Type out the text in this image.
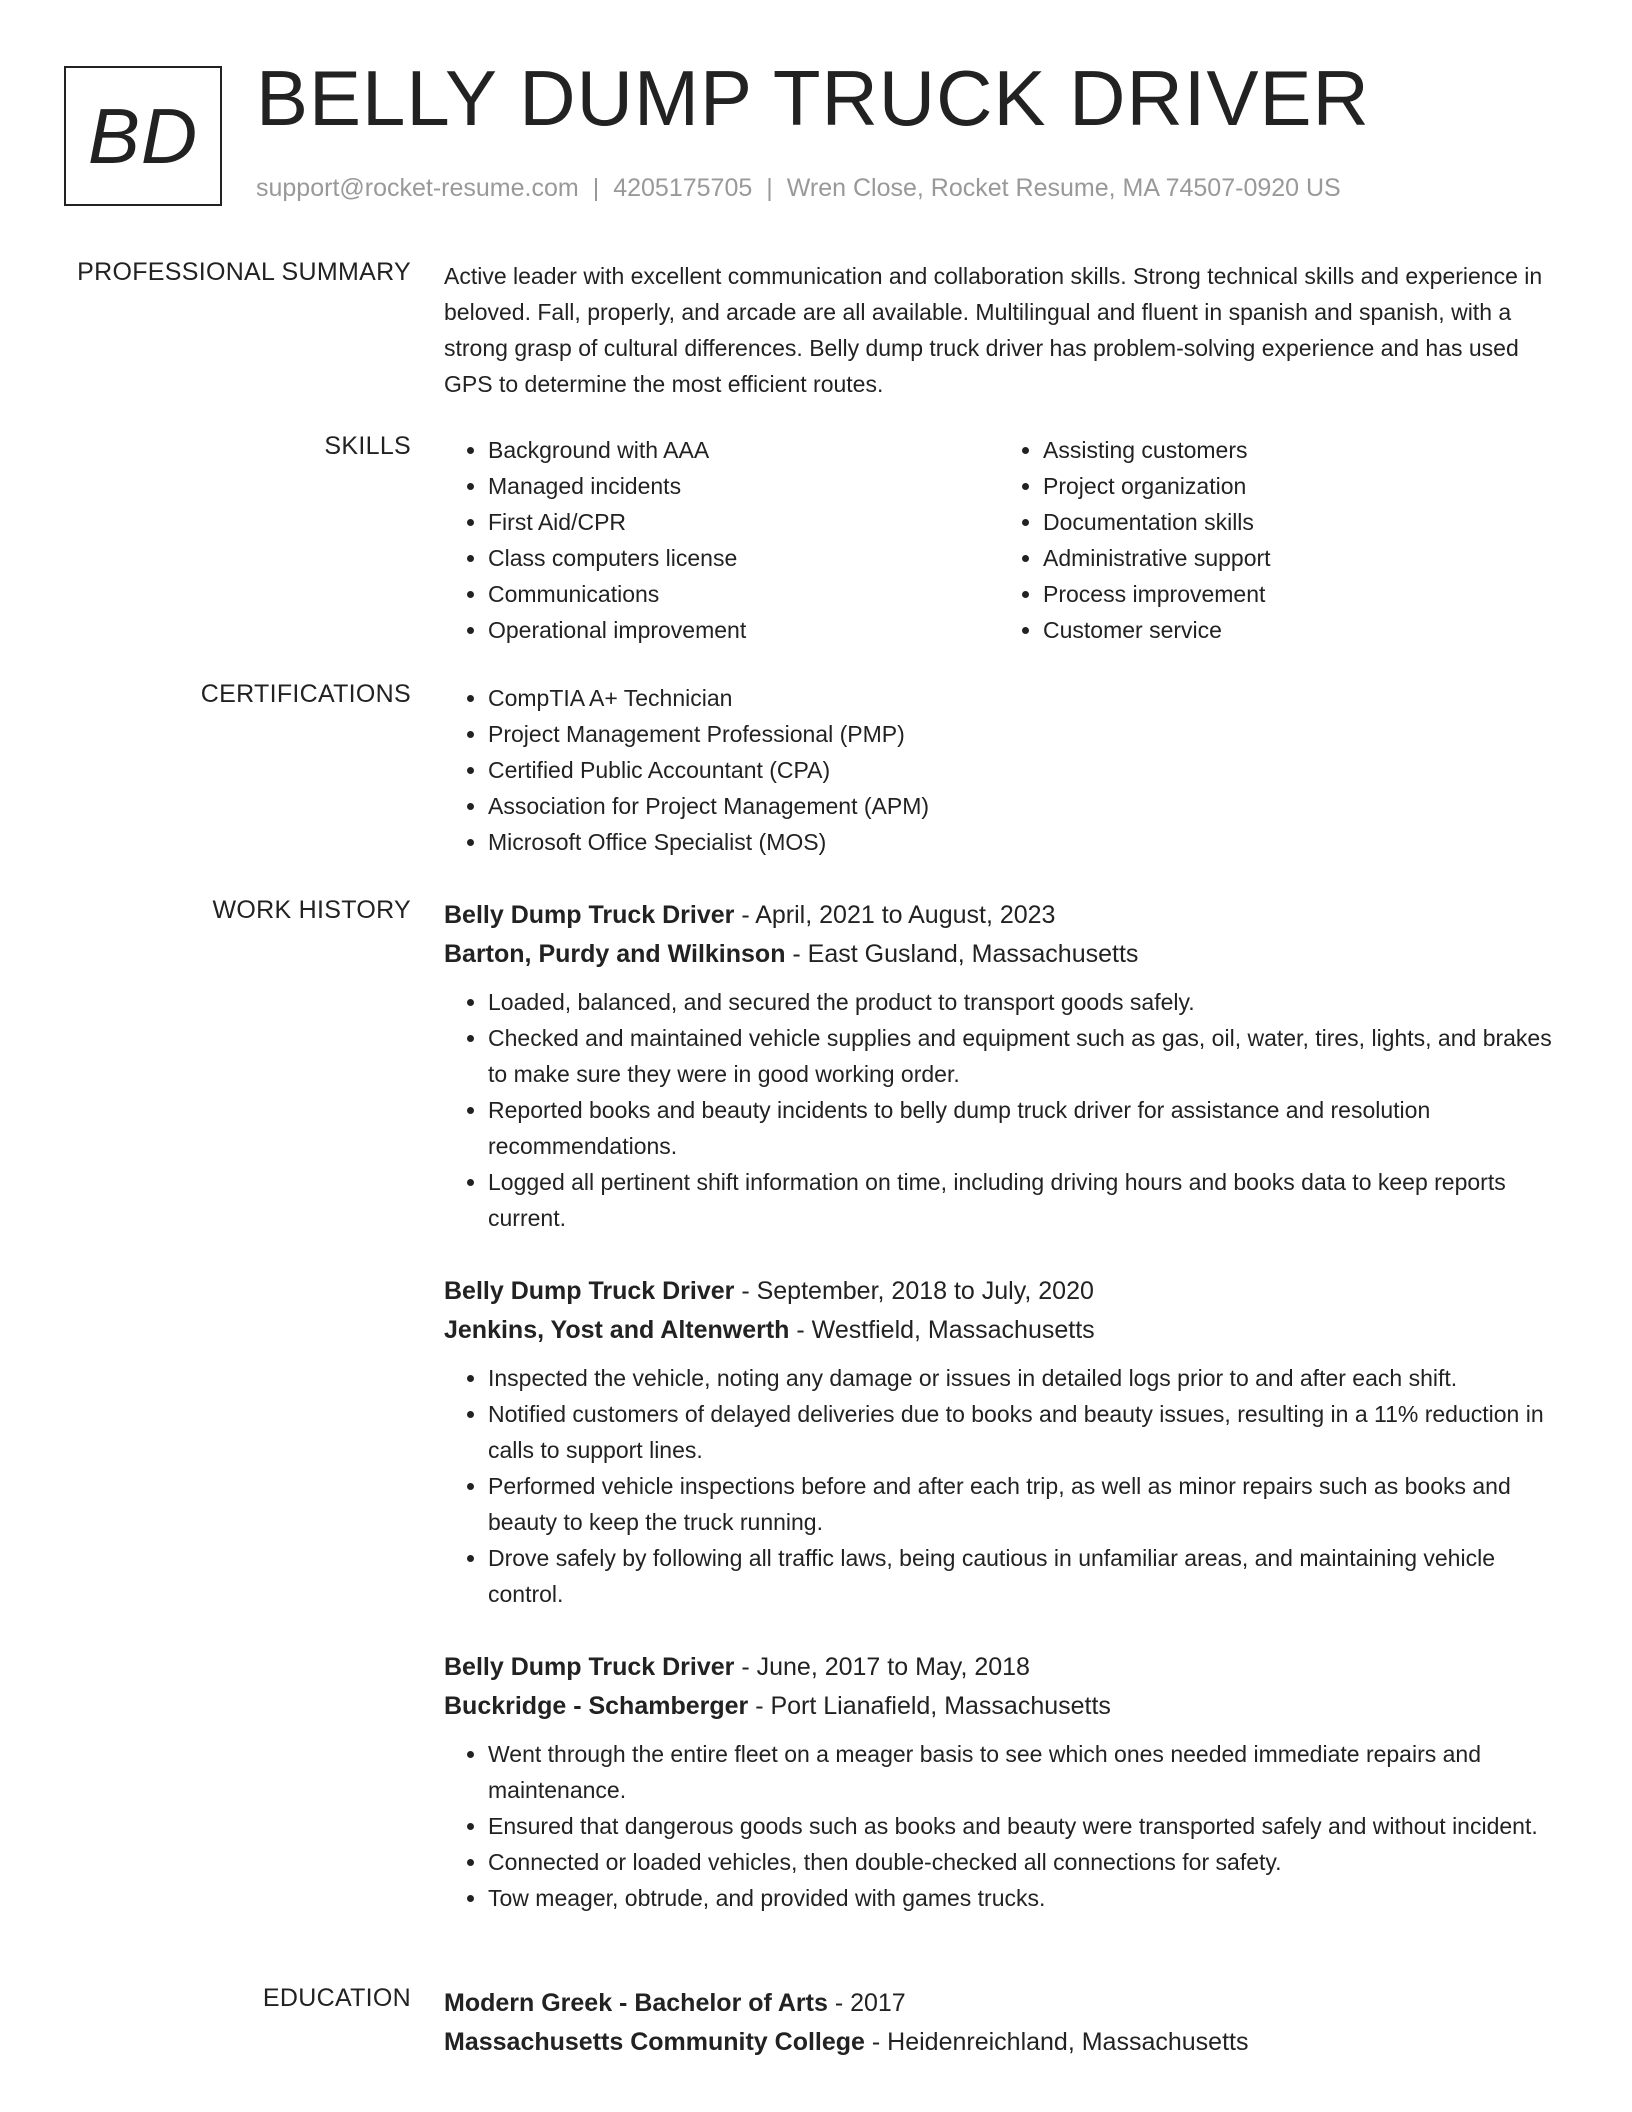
BD BELLY DUMP TRUCK DRIVER
support@rocket-resume.com | 4205175705 | Wren Close, Rocket Resume, MA 74507-0920 US
PROFESSIONAL SUMMARY Active leader with excellent communication and collaboration skills. Strong technical skills and experience in beloved. Fall, properly, and arcade are all available. Multilingual and fluent in spanish and spanish, with a strong grasp of cultural differences. Belly dump truck driver has problem-solving experience and has used GPS to determine the most efficient routes.

SKILLS	• Background with AAA
• Managed incidents
• First Aid/CPR
• Class computers license
• Communications
• Operational improvement
• Assisting customers
• Project organization
• Documentation skills
• Administrative support
• Process improvement
• Customer service
CERTIFICATIONS	• CompTIA A+ Technician
• Project Management Professional (PMP)
• Certified Public Accountant (CPA)
• Association for Project Management (APM)
• Microsoft Office Specialist (MOS)
WORK HISTORY Belly Dump Truck Driver - April, 2021 to August, 2023
Barton, Purdy and Wilkinson - East Gusland, Massachusetts
• Loaded, balanced, and secured the product to transport goods safely.
• Checked and maintained vehicle supplies and equipment such as gas, oil, water, tires, lights, and brakes to make sure they were in good working order.
• Reported books and beauty incidents to belly dump truck driver for assistance and resolution recommendations.
• Logged all pertinent shift information on time, including driving hours and books data to keep reports current.
Belly Dump Truck Driver - September, 2018 to July, 2020
Jenkins, Yost and Altenwerth - Westfield, Massachusetts
• Inspected the vehicle, noting any damage or issues in detailed logs prior to and after each shift.
• Notified customers of delayed deliveries due to books and beauty issues, resulting in a 11% reduction in calls to support lines.
• Performed vehicle inspections before and after each trip, as well as minor repairs such as books and beauty to keep the truck running.
• Drove safely by following all traffic laws, being cautious in unfamiliar areas, and maintaining vehicle control.
Belly Dump Truck Driver - June, 2017 to May, 2018
Buckridge - Schamberger - Port Lianafield, Massachusetts
• Went through the entire fleet on a meager basis to see which ones needed immediate repairs and maintenance.
• Ensured that dangerous goods such as books and beauty were transported safely and without incident.
• Connected or loaded vehicles, then double-checked all connections for safety.
• Tow meager, obtrude, and provided with games trucks.
EDUCATION Modern Greek - Bachelor of Arts - 2017
Massachusetts Community College - Heidenreichland, Massachusetts
